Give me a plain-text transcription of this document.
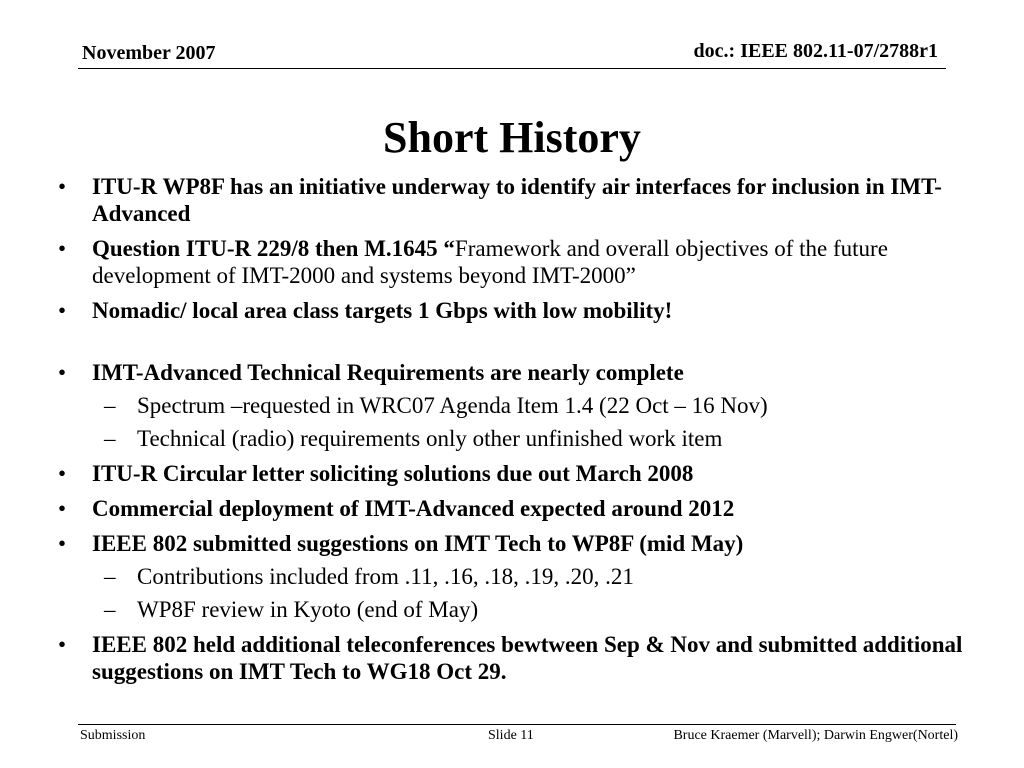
November 2007	doc.: IEEE 802.11-07/2788r1
Short History
• ITU-R WP8F has an initiative underway to identify air interfaces for inclusion in IMT-Advanced
• Question ITU-R 229/8 then M.1645 “Framework and overall objectives of the future development of IMT-2000 and systems beyond IMT-2000”
• Nomadic/ local area class targets 1 Gbps with low mobility!
• IMT-Advanced Technical Requirements are nearly complete
– Spectrum –requested in WRC07 Agenda Item 1.4 (22 Oct – 16 Nov)
– Technical (radio) requirements only other unfinished work item
• ITU-R Circular letter soliciting solutions due out March 2008
• Commercial deployment of IMT-Advanced expected around 2012
• IEEE 802 submitted suggestions on IMT Tech to WP8F (mid May)
– Contributions included from .11, .16, .18, .19, .20, .21
– WP8F review in Kyoto (end of May)
• IEEE 802 held additional teleconferences bewtween Sep & Nov and submitted additional suggestions on IMT Tech to WG18 Oct 29.
Submission	Slide 11	Bruce Kraemer (Marvell); Darwin Engwer(Nortel)
